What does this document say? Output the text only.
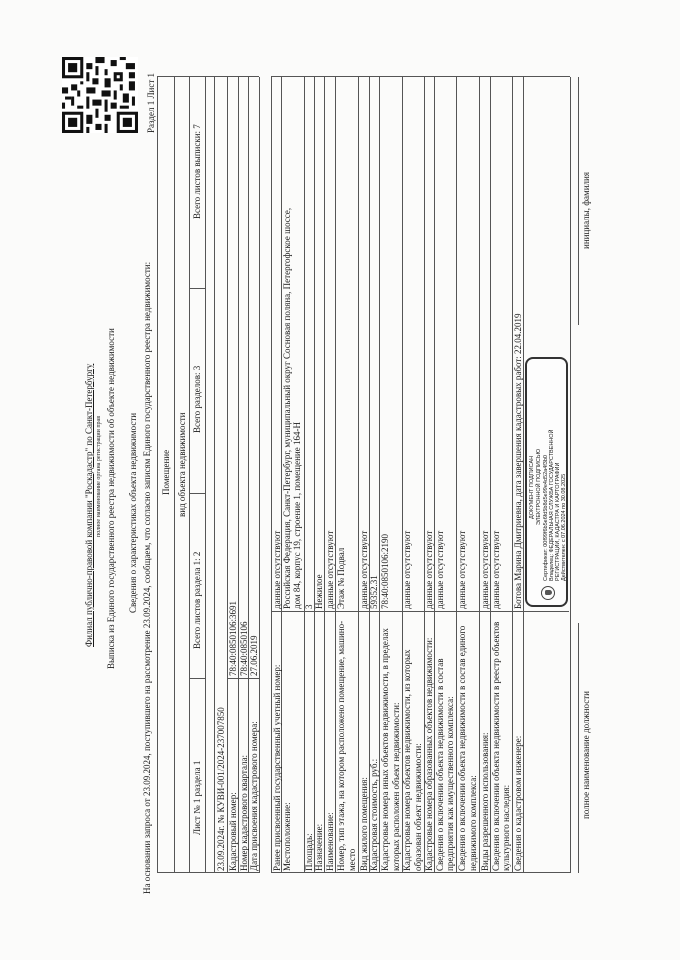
Филиал публично-правовой компании "Роскадастр" по Санкт-Петербургу полное наименование органа регистрации прав Выписка из Единого государственного реестра недвижимости об объекте недвижимости Сведения о характеристиках объекта недвижимости На основании запроса от 23.09.2024, поступившего на рассмотрение 23.09.2024, сообщаем, что согласно записям Единого государственного реестра недвижимости:
Раздел 1 Лист 1
Помещение вид объекта недвижимости
Лист № 1 раздела 1
Всего листов раздела 1: 2
Всего разделов: 3
Всего листов выписки: 7
23.09.2024г. № КУВИ-001/2024-237007850 Кадастровый номер:
78:40:0850106:3691
Номер кадастрового квартала:
78:40:0850106
Дата присвоения кадастрового номера:
27.06.2019
Ранее присвоенный государственный учетный номер:
данные отсутствуют
Местоположение:
Российская Федерация, Санкт-Петербург, муниципальный округ Сосновая поляна, Петергофское шоссе, дом 84, корпус 19, строение 1, помещение 164-Н
Площадь:
3
Назначение:
Нежилое
Наименование:
данные отсутствуют
Номер, тип этажа, на котором расположено помещение, машино- место
Этаж № Подвал
Вид жилого помещения:
данные отсутствуют
Кадастровая стоимость, руб.:
59352.31
Кадастровые номера иных объектов недвижимости, в пределах которых расположен объект недвижимости:
78:40:0850106:2190
Кадастровые номера объектов недвижимости, из которых образован объект недвижимости:
данные отсутствуют
Кадастровые номера образованных объектов недвижимости:
данные отсутствуют
Сведения о включении объекта недвижимости в состав предприятия как имущественного комплекса:
данные отсутствуют
Сведения о включении объекта недвижимости в состав единого недвижимого комплекса:
данные отсутствуют
Виды разрешенного использования:
данные отсутствуют
Сведения о включении объекта недвижимости в реестр объектов культурного наследия:
данные отсутствуют
Сведения о кадастровом инженере:
Ботова Марина Дмитриевна, дата завершения кадастровых работ: 22.04.2019 ДОКУМЕНТ ПОДПИСАН ЭЛЕКТРОННОЙ ПОДПИСЬЮ Сертификат: 00f99f6b5e6fd5b8d5e99e4d52a4f3b0 Владелец: ФЕДЕРАЛЬНАЯ СЛУЖБА ГОСУДАРСТВЕННОЙ РЕГИСТРАЦИИ, КАДАСТРА И КАРТОГРАФИИ Действителен: с 07.06.2024 по 30.08.2025
полное наименование должности
инициалы, фамилия
